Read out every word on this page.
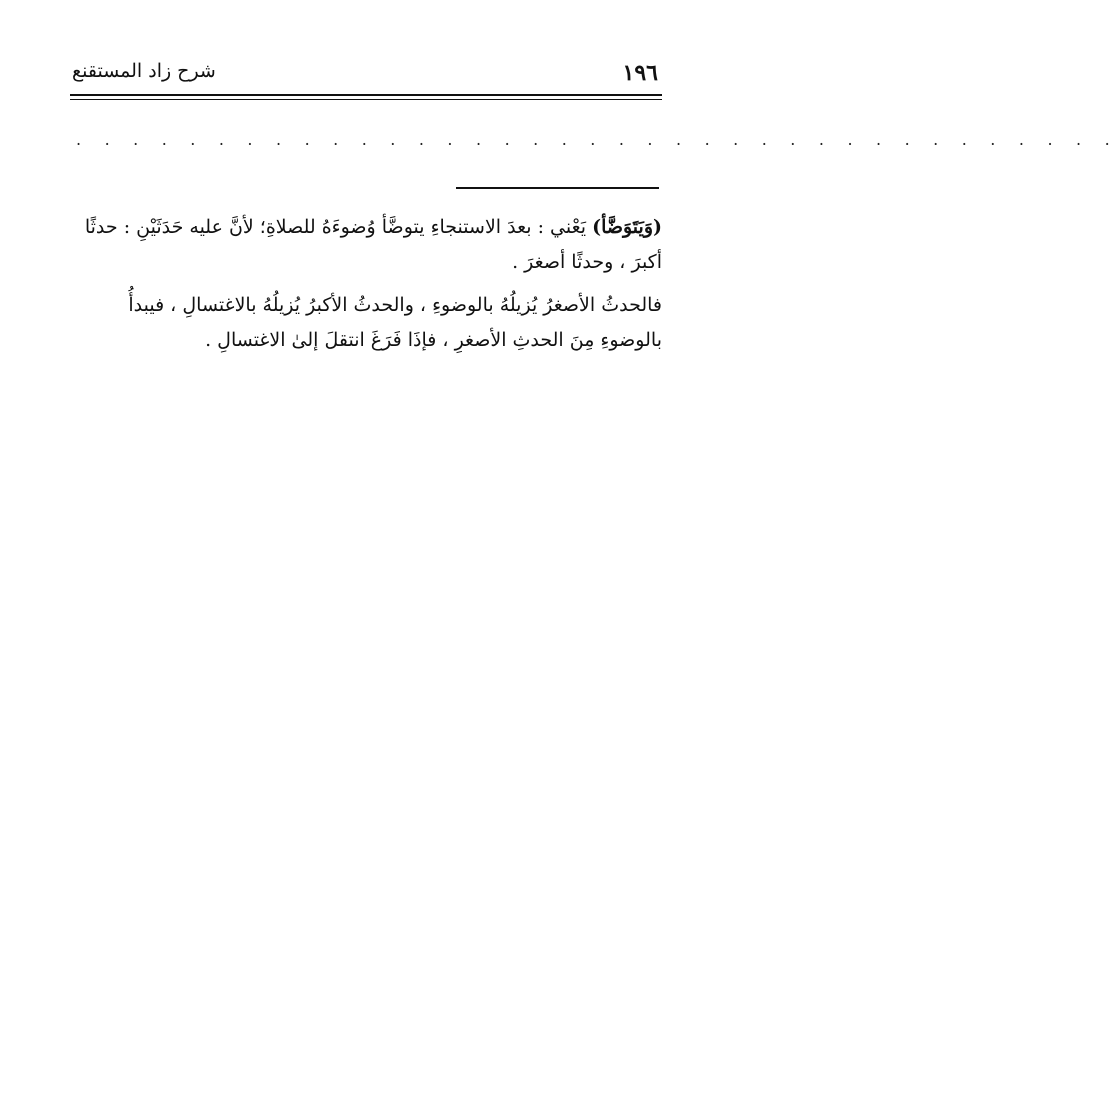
شرح زاد المستقنع	١٩٦
. . . . . . . . . . . . . . . . . . . . . . . . . . . . . . . . . . . . .

(وَيَتَوَضَّأ) يَعْني : بعدَ الاستنجاءِ يتوضَّأ وُضوءَهُ للصلاةِ؛ لأنَّ عليه حَدَثَيْنِ : حدثًا أكبرَ ، وحدثًا أصغرَ .

فالحدثُ الأصغرُ يُزيلُهُ بالوضوءِ ، والحدثُ الأكبرُ يُزيلُهُ بالاغتسالِ ، فيبدأُ بالوضوءِ مِنَ الحدثِ الأصغرِ ، فإذَا فَرَغَ انتقلَ إلىٰ الاغتسالِ .
